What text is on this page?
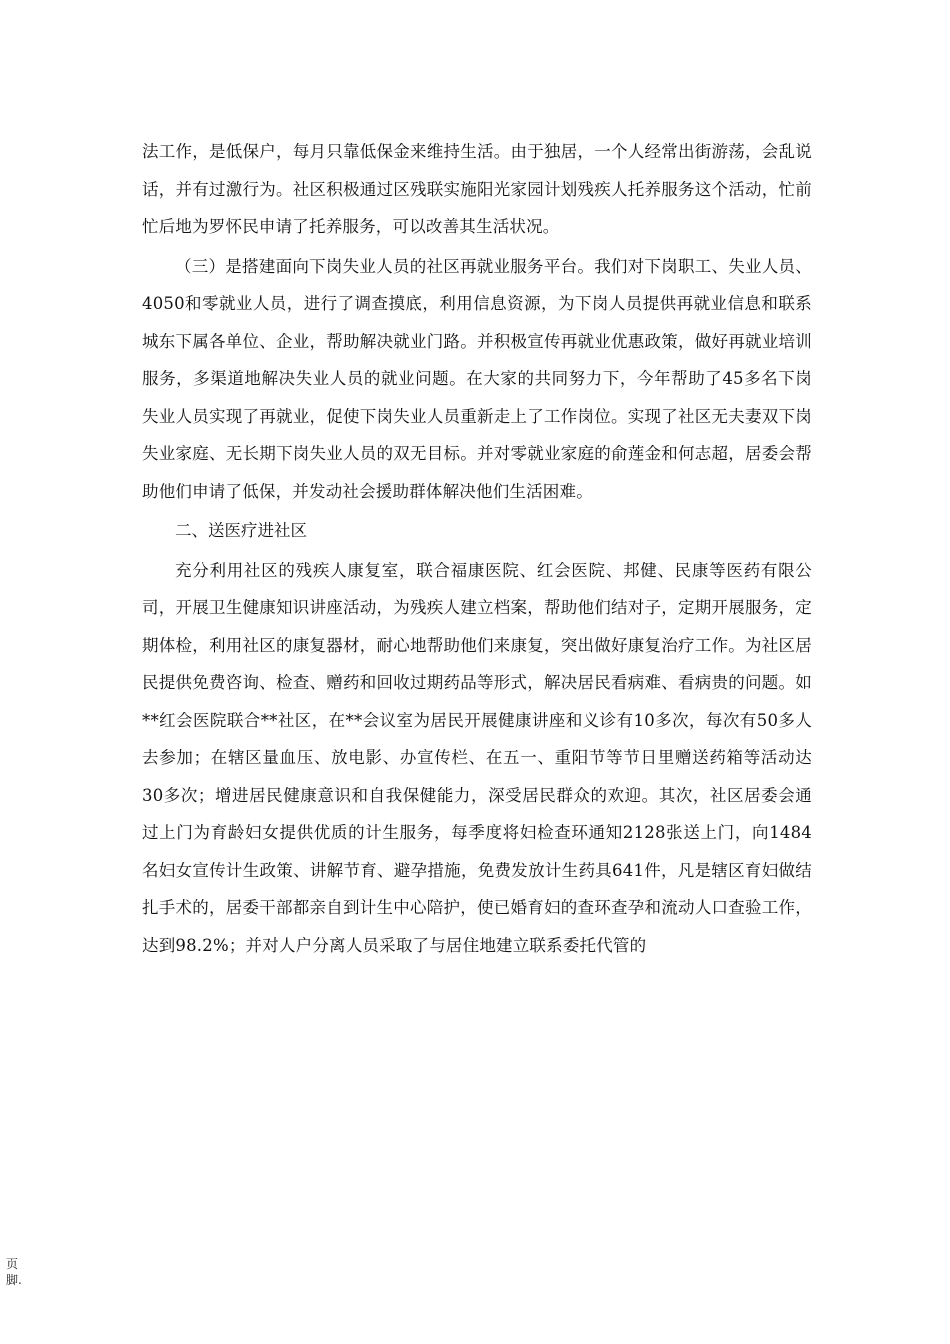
法工作，是低保户，每月只靠低保金来维持生活。由于独居，一个人经常出街游荡，会乱说话，并有过激行为。社区积极通过区残联实施阳光家园计划残疾人托养服务这个活动，忙前忙后地为罗怀民申请了托养服务，可以改善其生活状况。

（三）是搭建面向下岗失业人员的社区再就业服务平台。我们对下岗职工、失业人员、4050和零就业人员，进行了调查摸底，利用信息资源，为下岗人员提供再就业信息和联系城东下属各单位、企业，帮助解决就业门路。并积极宣传再就业优惠政策，做好再就业培训服务，多渠道地解决失业人员的就业问题。在大家的共同努力下，今年帮助了45多名下岗失业人员实现了再就业，促使下岗失业人员重新走上了工作岗位。实现了社区无夫妻双下岗失业家庭、无长期下岗失业人员的双无目标。并对零就业家庭的俞莲金和何志超，居委会帮助他们申请了低保，并发动社会援助群体解决他们生活困难。

二、送医疗进社区

充分利用社区的残疾人康复室，联合福康医院、红会医院、邦健、民康等医药有限公司，开展卫生健康知识讲座活动，为残疾人建立档案，帮助他们结对子，定期开展服务，定期体检，利用社区的康复器材，耐心地帮助他们来康复，突出做好康复治疗工作。为社区居民提供免费咨询、检查、赠药和回收过期药品等形式，解决居民看病难、看病贵的问题。如**红会医院联合**社区，在**会议室为居民开展健康讲座和义诊有10多次，每次有50多人去参加；在辖区量血压、放电影、办宣传栏、在五一、重阳节等节日里赠送药箱等活动达30多次；增进居民健康意识和自我保健能力，深受居民群众的欢迎。其次，社区居委会通过上门为育龄妇女提供优质的计生服务，每季度将妇检查环通知2128张送上门，向1484名妇女宣传计生政策、讲解节育、避孕措施，免费发放计生药具641件，凡是辖区育妇做结扎手术的，居委干部都亲自到计生中心陪护，使已婚育妇的查环查孕和流动人口查验工作，达到98.2%；并对人户分离人员采取了与居住地建立联系委托代管的

页脚.
